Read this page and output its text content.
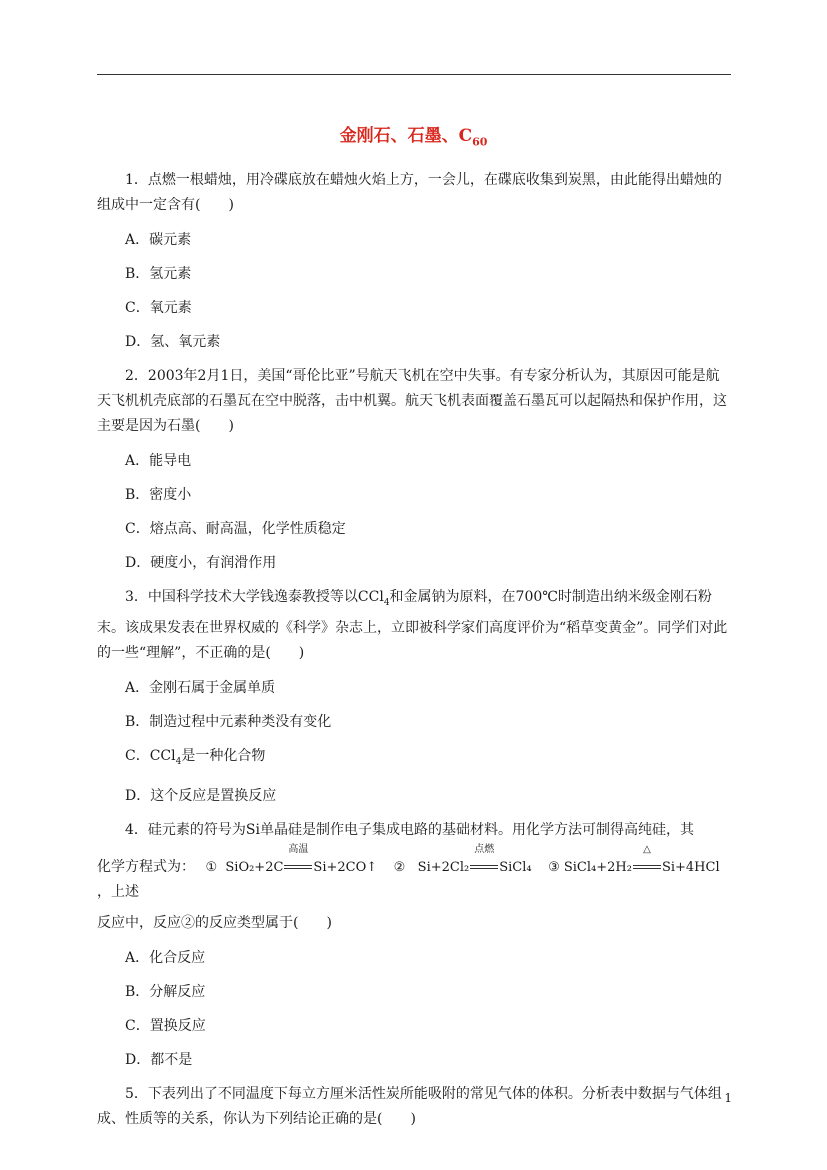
金刚石、石墨、$C_{60}$

1．点燃一根蜡烛，用冷碟底放在蜡烛火焰上方，一会儿，在碟底收集到炭黑，由此能得出蜡烛的组成中一定含有(　　)

A．碳元素

B．氢元素

C．氧元素

D．氢、氧元素

2．2003年2月1日，美国“哥伦比亚”号航天飞机在空中失事。有专家分析认为，其原因可能是航天飞机机壳底部的石墨瓦在空中脱落，击中机翼。航天飞机表面覆盖石墨瓦可以起隔热和保护作用，这主要是因为石墨(　　)

A．能导电

B．密度小

C．熔点高、耐高温，化学性质稳定

D．硬度小，有润滑作用

3．中国科学技术大学钱逸泰教授等以CCl$_4$和金属钠为原料，在700℃时制造出纳米级金刚石粉末。该成果发表在世界权威的《科学》杂志上，立即被科学家们高度评价为“稻草变黄金”。同学们对此的一些“理解”，不正确的是(　　)

A．金刚石属于金属单质

B．制造过程中元素种类没有变化

C．CCl$_4$是一种化合物

D．这个反应是置换反应

4．硅元素的符号为Si单晶硅是制作电子集成电路的基础材料。用化学方法可制得高纯硅，其

化学方程式为： ① SiO₂+2C
高温
Si+2CO↑ ② Si+2Cl₂
点燃
SiCl₄ ③ SiCl₄+2H₂
△
Si+4HCl，上述

反应中，反应②的反应类型属于(　　)

A．化合反应

B．分解反应

C．置换反应

D．都不是

5．下表列出了不同温度下每立方厘米活性炭所能吸附的常见气体的体积。分析表中数据与气体组成、性质等的关系，你认为下列结论正确的是(　　)

1
